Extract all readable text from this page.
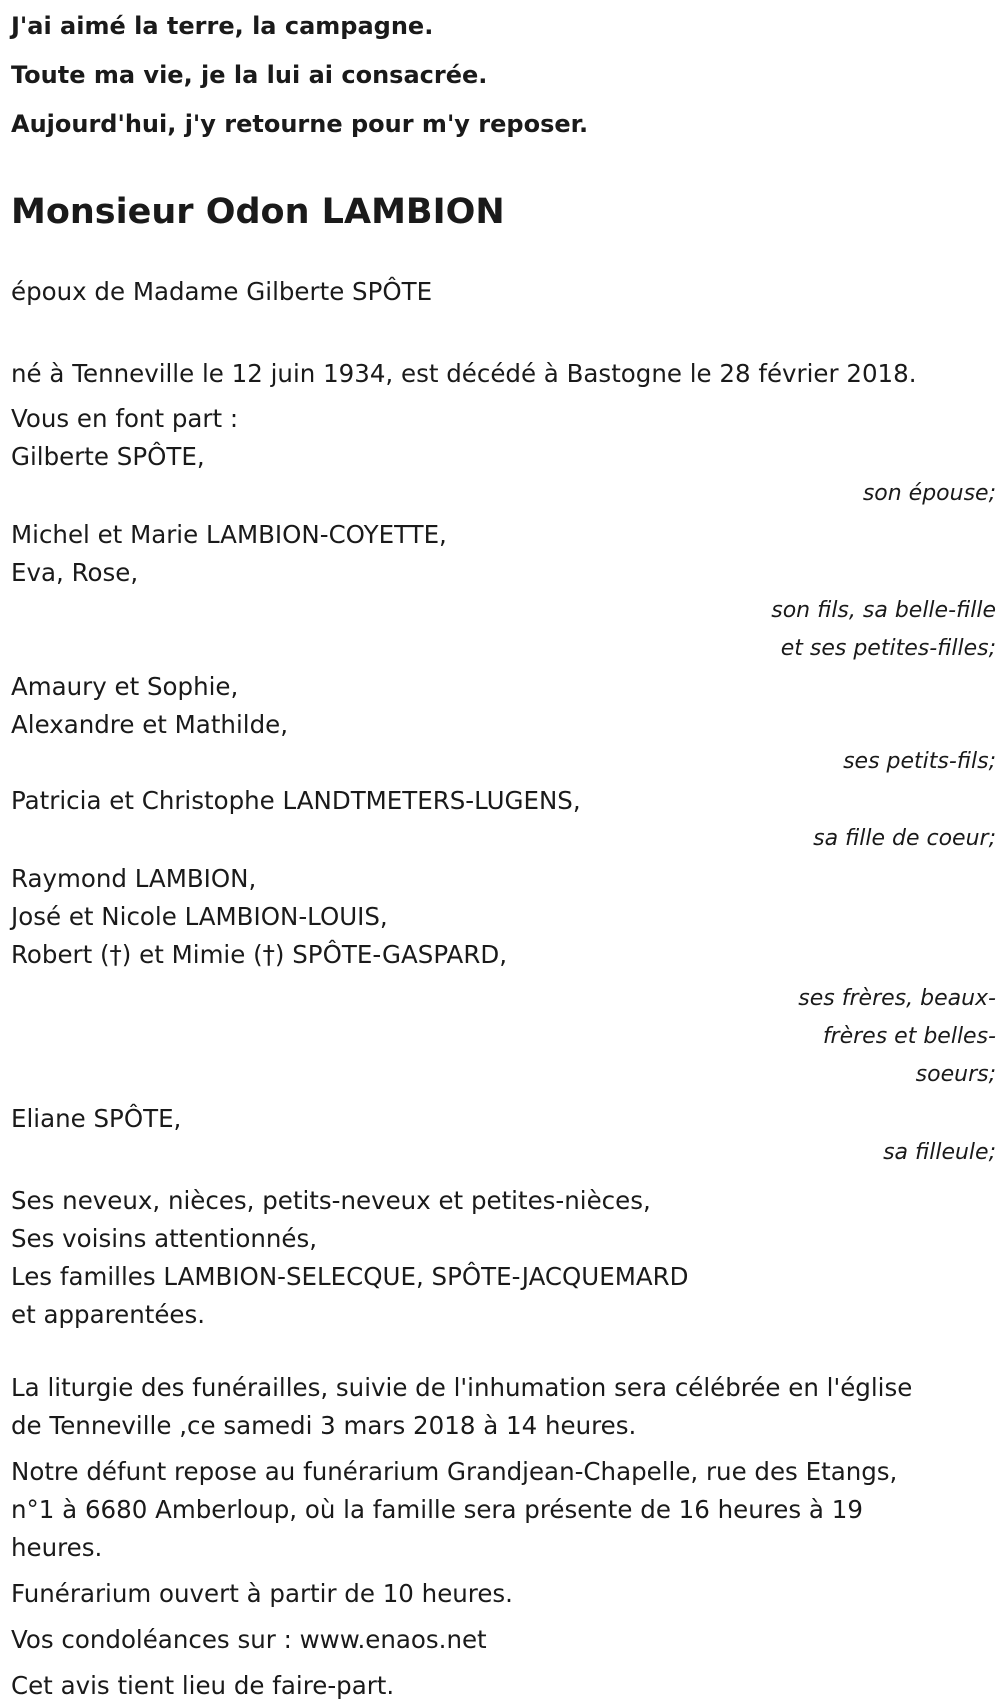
J'ai aimé la terre, la campagne.

Toute ma vie, je la lui ai consacrée.

Aujourd'hui, j'y retourne pour m'y reposer.

Monsieur Odon LAMBION

époux de Madame Gilberte SPÔTE

né à Tenneville le 12 juin 1934, est décédé à Bastogne le 28 février 2018.

Vous en font part :

Gilberte SPÔTE,

son épouse;

Michel et Marie LAMBION-COYETTE,

Eva, Rose,

son fils, sa belle-fille

et ses petites-filles;

Amaury et Sophie,

Alexandre et Mathilde,

ses petits-fils;

Patricia et Christophe LANDTMETERS-LUGENS,

sa fille de coeur;

Raymond LAMBION,

José et Nicole LAMBION-LOUIS,

Robert (†) et Mimie (†) SPÔTE-GASPARD,

ses frères, beaux-

frères et belles-

soeurs;

Eliane SPÔTE,

sa filleule;

Ses neveux, nièces, petits-neveux et petites-nièces,

Ses voisins attentionnés,

Les familles LAMBION-SELECQUE, SPÔTE-JACQUEMARD

et apparentées.

La liturgie des funérailles, suivie de l'inhumation sera célébrée en l'église

de Tenneville ,ce samedi 3 mars 2018 à 14 heures.

Notre défunt repose au funérarium Grandjean-Chapelle, rue des Etangs,

n°1 à 6680 Amberloup, où la famille sera présente de 16 heures à 19

heures.

Funérarium ouvert à partir de 10 heures.

Vos condoléances sur : www.enaos.net

Cet avis tient lieu de faire-part.
